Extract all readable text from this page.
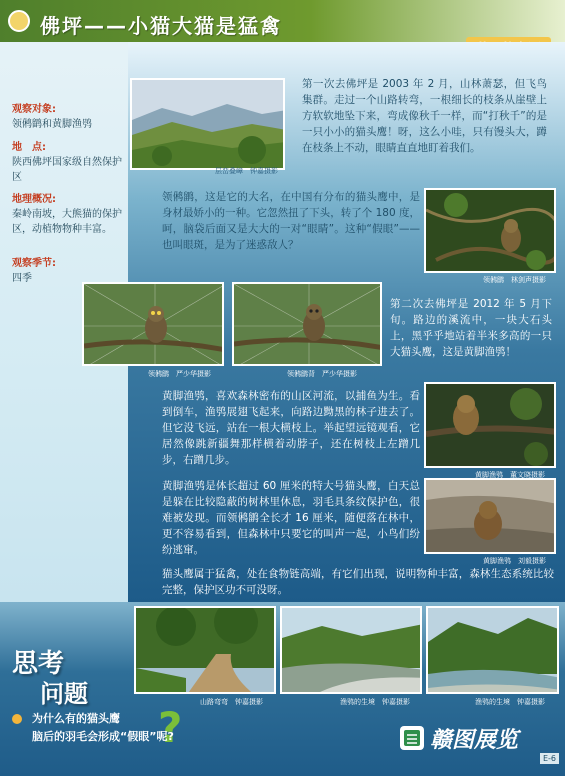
佛坪——小猫大猫是猛禽
观察对象:
领鸺鹠和黄脚渔鸮
地　点:
陕西佛坪国家级自然保护区
地理概况:
秦岭南坡，大熊猫的保护区，动植物物种丰富。
观察季节:
四季
层峦叠嶂　钟嘉摄影
第一次去佛坪是 2003 年 2 月，山林萧瑟，但飞鸟集群。走过一个山路转弯，一根细长的枝条从崖壁上方软软地坠下来，弯成像秋千一样，而“打秋千”的是一只小小的猫头鹰！呀，这么小哇，只有馒头大，蹲在枝条上不动，眼睛直直地盯着我们。
领鸺鹠，这是它的大名，在中国有分布的猫头鹰中，是身材最娇小的一种。它忽然扭了下头，转了个 180 度，呵，脑袋后面又是大大的一对“眼睛”。这种“假眼”——也叫眼斑，是为了迷惑敌人？
领鸺鹠　林剑声摄影
领鸺鹠　严少华摄影	领鸺鹠背　严少华摄影
第二次去佛坪是 2012 年 5 月下旬。路边的溪流中，一块大石头上，黑乎乎地站着半米多高的一只大猫头鹰，这是黄脚渔鸮！
黄脚渔鸮，喜欢森林密布的山区河流，以捕鱼为生。看到倒车，渔鸮展翅飞起来，向路边黝黑的林子进去了。但它没飞远，站在一根大横枝上。举起望远镜观看，它居然像跳新疆舞那样横着动脖子，还在树枝上左蹭几步，右蹭几步。
黄脚渔鸮　董文晓摄影
黄脚渔鸮是体长超过 60 厘米的特大号猫头鹰，白天总是躲在比较隐蔽的树林里休息，羽毛具条纹保护色，很难被发现。而领鸺鹠全长才 16 厘米，随便落在林中，更不容易看到，但森林中只要它的叫声一起，小鸟们纷纷逃窜。
黄脚渔鸮　刘毅摄影
猫头鹰属于猛禽，处在食物链高端，有它们出现，说明物种丰富，森林生态系统比较完整，保护区功不可没呀。
山路弯弯　钟嘉摄影	渔鸮的生境　钟嘉摄影	渔鸮的生境　钟嘉摄影
思考
问题
?
为什么有的猫头鹰
脑后的羽毛会形成“假眼”呢?	赣图展览
E-6
